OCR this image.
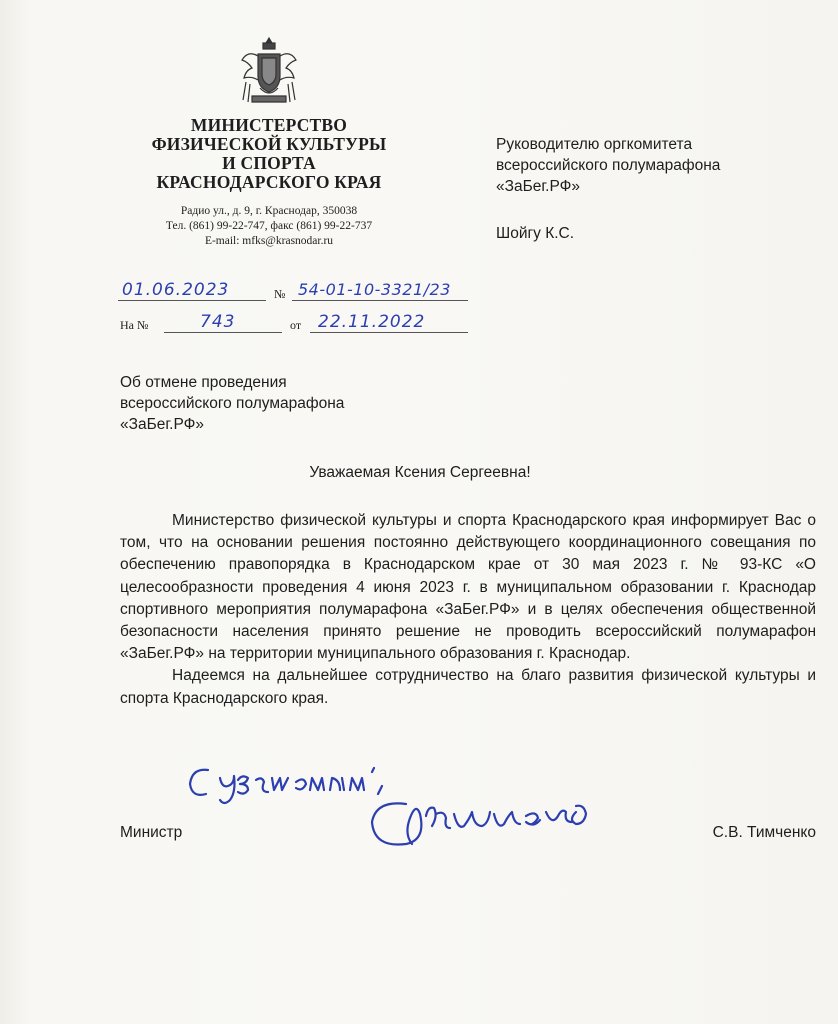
МИНИСТЕРСТВО
ФИЗИЧЕСКОЙ КУЛЬТУРЫ
И СПОРТА
КРАСНОДАРСКОГО КРАЯ
Радио ул., д. 9, г. Краснодар, 350038
Тел. (861) 99-22-747, факс (861) 99-22-737
E-mail: mfks@krasnodar.ru
Руководителю оргкомитета
всероссийского полумарафона
«ЗаБег.РФ»
Шойгу К.С.
01.06.2023	№ 54-01-10-3321/23
На №	743	от 22.11.2022
Об отмене проведения
всероссийского полумарафона
«ЗаБег.РФ»
Уважаемая Ксения Сергеевна!

Министерство физической культуры и спорта Краснодарского края информирует Вас о том, что на основании решения постоянно действующего координационного совещания по обеспечению правопорядка в Краснодарском крае от 30 мая 2023 г. № 93-КС «О целесообразности проведения 4 июня 2023 г. в муниципальном образовании г. Краснодар спортивного мероприятия полумарафона «ЗаБег.РФ» и в целях обеспечения общественной безопасности населения принято решение не проводить всероссийский полумарафон «ЗаБег.РФ» на территории муниципального образования г. Краснодар.

Надеемся на дальнейшее сотрудничество на благо развития физической культуры и спорта Краснодарского края.

Министр	С.В. Тимченко
